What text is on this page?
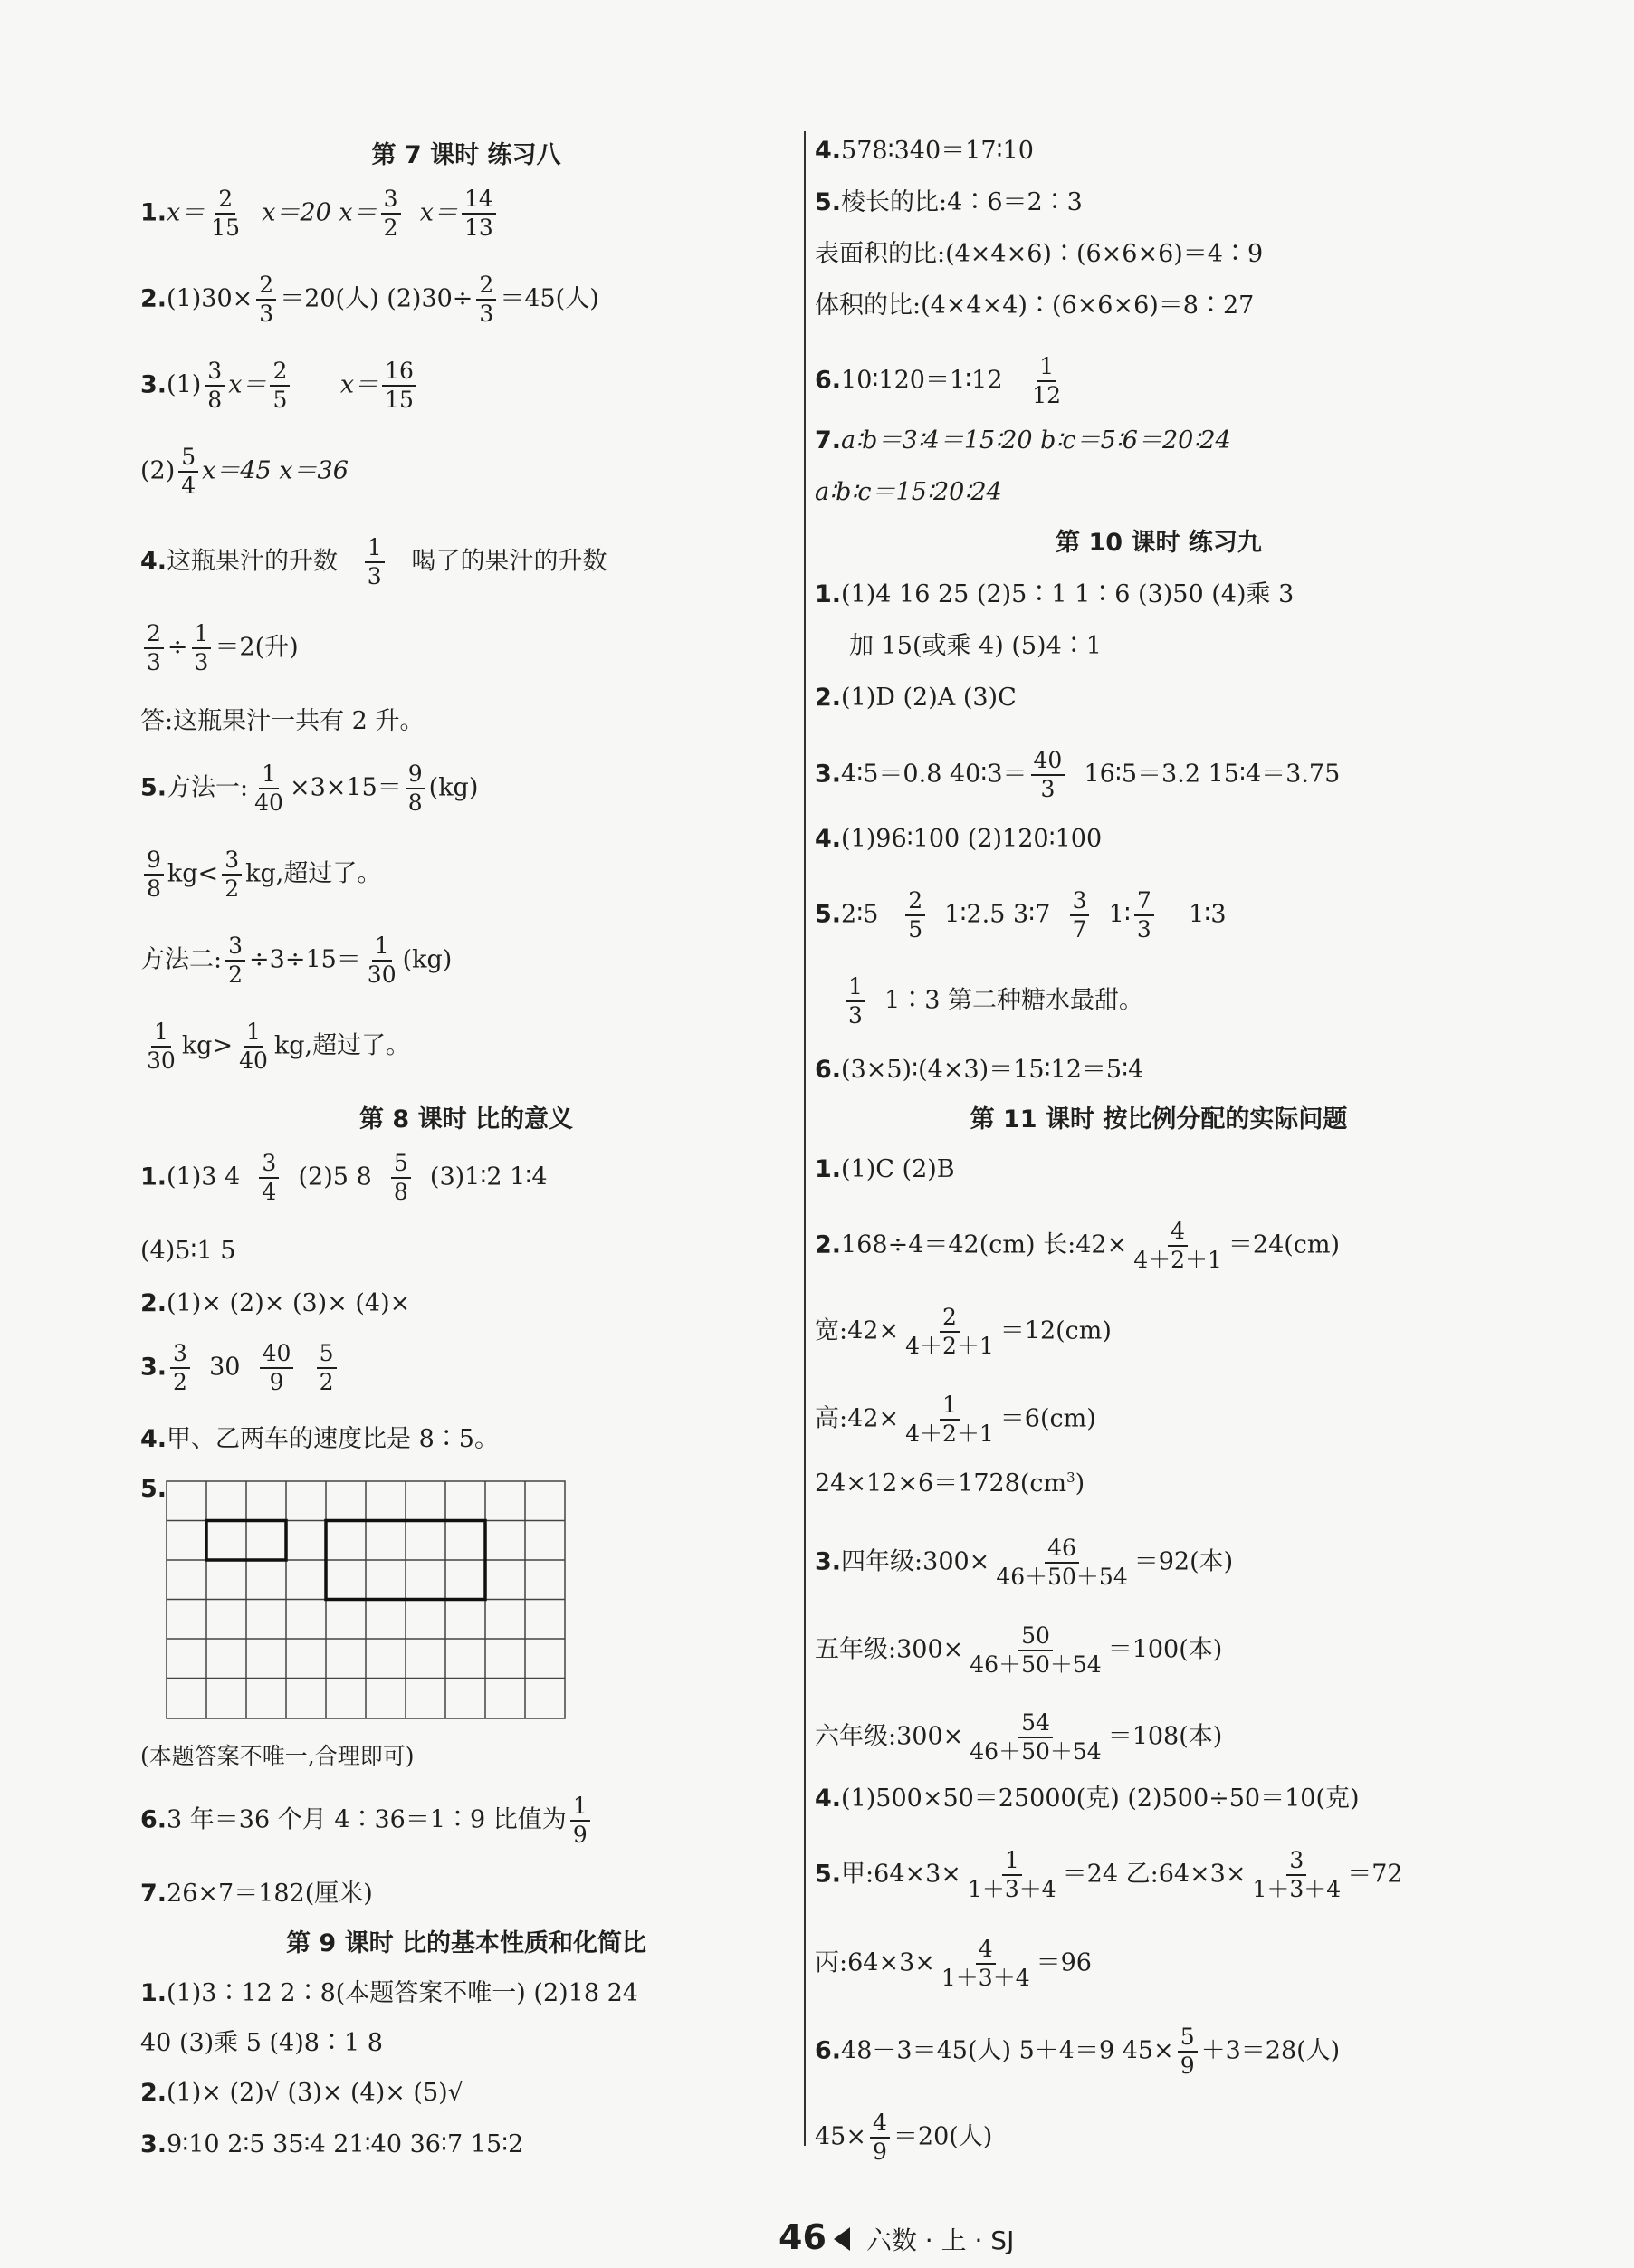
第 7 课时 练习八
$1.x= \frac{2}{15} x=20$ $x= \frac{3}{2} x= \frac{14}{13}$
$2.(1)30\times \frac{2}{3} =20$(人) $(2)30\div \frac{2}{3} =45$(人)
$3.(1) \frac{3}{8} x= \frac{2}{5} x= \frac{16}{15}$
$(2) \frac{5}{4} x=45$ x＝36
4.这瓶果汁的升数 $\frac{1}{3}$ 喝了的果汁的升数
$\frac{2}{3} \div \frac{1}{3} =2$(升)
答:这瓶果汁一共有 2 升。
5.方法一: $\frac{1}{40} \times 3\times 15= \frac{9}{8} (kg)$
$\frac{9}{8} kg< \frac{3}{2}$ kg,超过了。
方法二: $\frac{3}{2} \div 3\div 15= \frac{1}{30} (kg)$
$\frac{1}{30} kg> \frac{1}{40}$ kg,超过了。
第 8 课时 比的意义
1.(1)3 $4 \frac{3}{4} (2)5$ $8 \frac{5}{8}$ (3)1∶2 1∶4
(4)5∶1 5
2.(1)× (2)× (3)× (4)×
3. $\frac{3}{2} 30 \frac{40}{9}$
$\frac{5}{2}$
4.甲、乙两车的速度比是 8∶5。
5.
(本题答案不唯一,合理即可)
6.3 年＝36 个月 4∶36＝1∶9 比值为 $\frac{1}{9}$
7.26×7＝182(厘米)
第 9 课时 比的基本性质和化简比
1.(1)3∶12 2∶8(本题答案不唯一) (2)18 24
40 (3)乘 5 (4)8∶1 8
2.(1)× (2)√ (3)× (4)× (5)√
3.9∶10 2∶5 35∶4 21∶40 36∶7 15∶2
4.578∶340＝17∶10
5.棱长的比:4∶6＝2∶3
表面积的比:(4×4×6)∶(6×6×6)＝4∶9
体积的比:(4×4×4)∶(6×6×6)＝8∶27
6.10∶120＝1∶12 $\frac{1}{12}$
7.a∶b＝3∶4＝15∶20 b∶c＝5∶6＝20∶24
a∶b∶c＝15∶20∶24
第 10 课时 练习九
1.(1)4 16 25 (2)5∶1 1∶6 (3)50 (4)乘 3
加 15(或乘 4) (5)4∶1
2.(1)D (2)A (3)C
3.4∶5＝0.8 40∶3＝ $\frac{40}{3}$ 16∶5＝3.2 15∶4＝3.75
4.(1)96∶100 (2)120∶100
5.2∶5 $\frac{2}{5}$ 1∶2.5 3∶7 $\frac{3}{7}$ 1∶ $\frac{7}{3}$ 1∶3
$\frac{1}{3}$ 1∶3 第二种糖水最甜。
6.(3×5)∶(4×3)＝15∶12＝5∶4
第 11 课时 按比例分配的实际问题
1.(1)C (2)B
2.168÷4＝42(cm) 长:42× $\frac{4}{4+2+1} =24(cm)$
宽:42× $\frac{2}{4+2+1} =12(cm)$
高:42× $\frac{1}{4+2+1} =6(cm)$
$24\times 12\times 6=1728(cm^3)$
3.四年级:300× $\frac{46}{46+50+54} =92$(本)
五年级:300× $\frac{50}{46+50+54} =100$(本)
六年级:300× $\frac{54}{46+50+54} =108$(本)
4.(1)500×50＝25000(克) (2)500÷50＝10(克)
5.甲:64×3× $\frac{1}{1+3+4} =24$ 乙:64×3× $\frac{3}{1+3+4} =72$
丙:64×3× $\frac{4}{1+3+4} =96$
6.48－3＝45(人) 5＋4＝9 $45\times \frac{5}{9} +3=28$(人)
$45\times \frac{4}{9} =20$(人)
46 六数 · 上 · SJ
